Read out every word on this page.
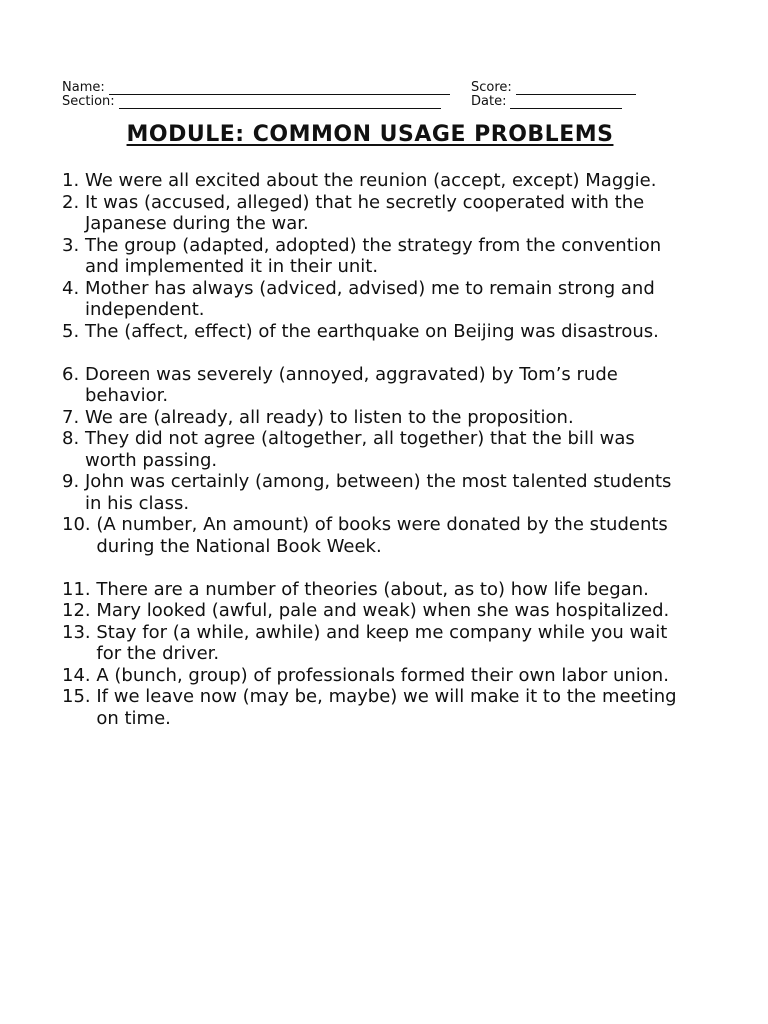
Name:	Score:
Section:	Date:
MODULE: COMMON USAGE PROBLEMS
1. We were all excited about the reunion (accept, except) Maggie.
2. It was (accused, alleged) that he secretly cooperated with the Japanese during the war.
3. The group (adapted, adopted) the strategy from the convention and implemented it in their unit.
4. Mother has always (adviced, advised) me to remain strong and independent.
5. The (affect, effect) of the earthquake on Beijing was disastrous.
6. Doreen was severely (annoyed, aggravated) by Tom’s rude behavior.
7. We are (already, all ready) to listen to the proposition.
8. They did not agree (altogether, all together) that the bill was worth passing.
9. John was certainly (among, between) the most talented students in his class.
10. (A number, An amount) of books were donated by the students during the National Book Week.
11. There are a number of theories (about, as to) how life began.
12. Mary looked (awful, pale and weak) when she was hospitalized.
13. Stay for (a while, awhile) and keep me company while you wait for the driver.
14. A (bunch, group) of professionals formed their own labor union.
15. If we leave now (may be, maybe) we will make it to the meeting on time.
